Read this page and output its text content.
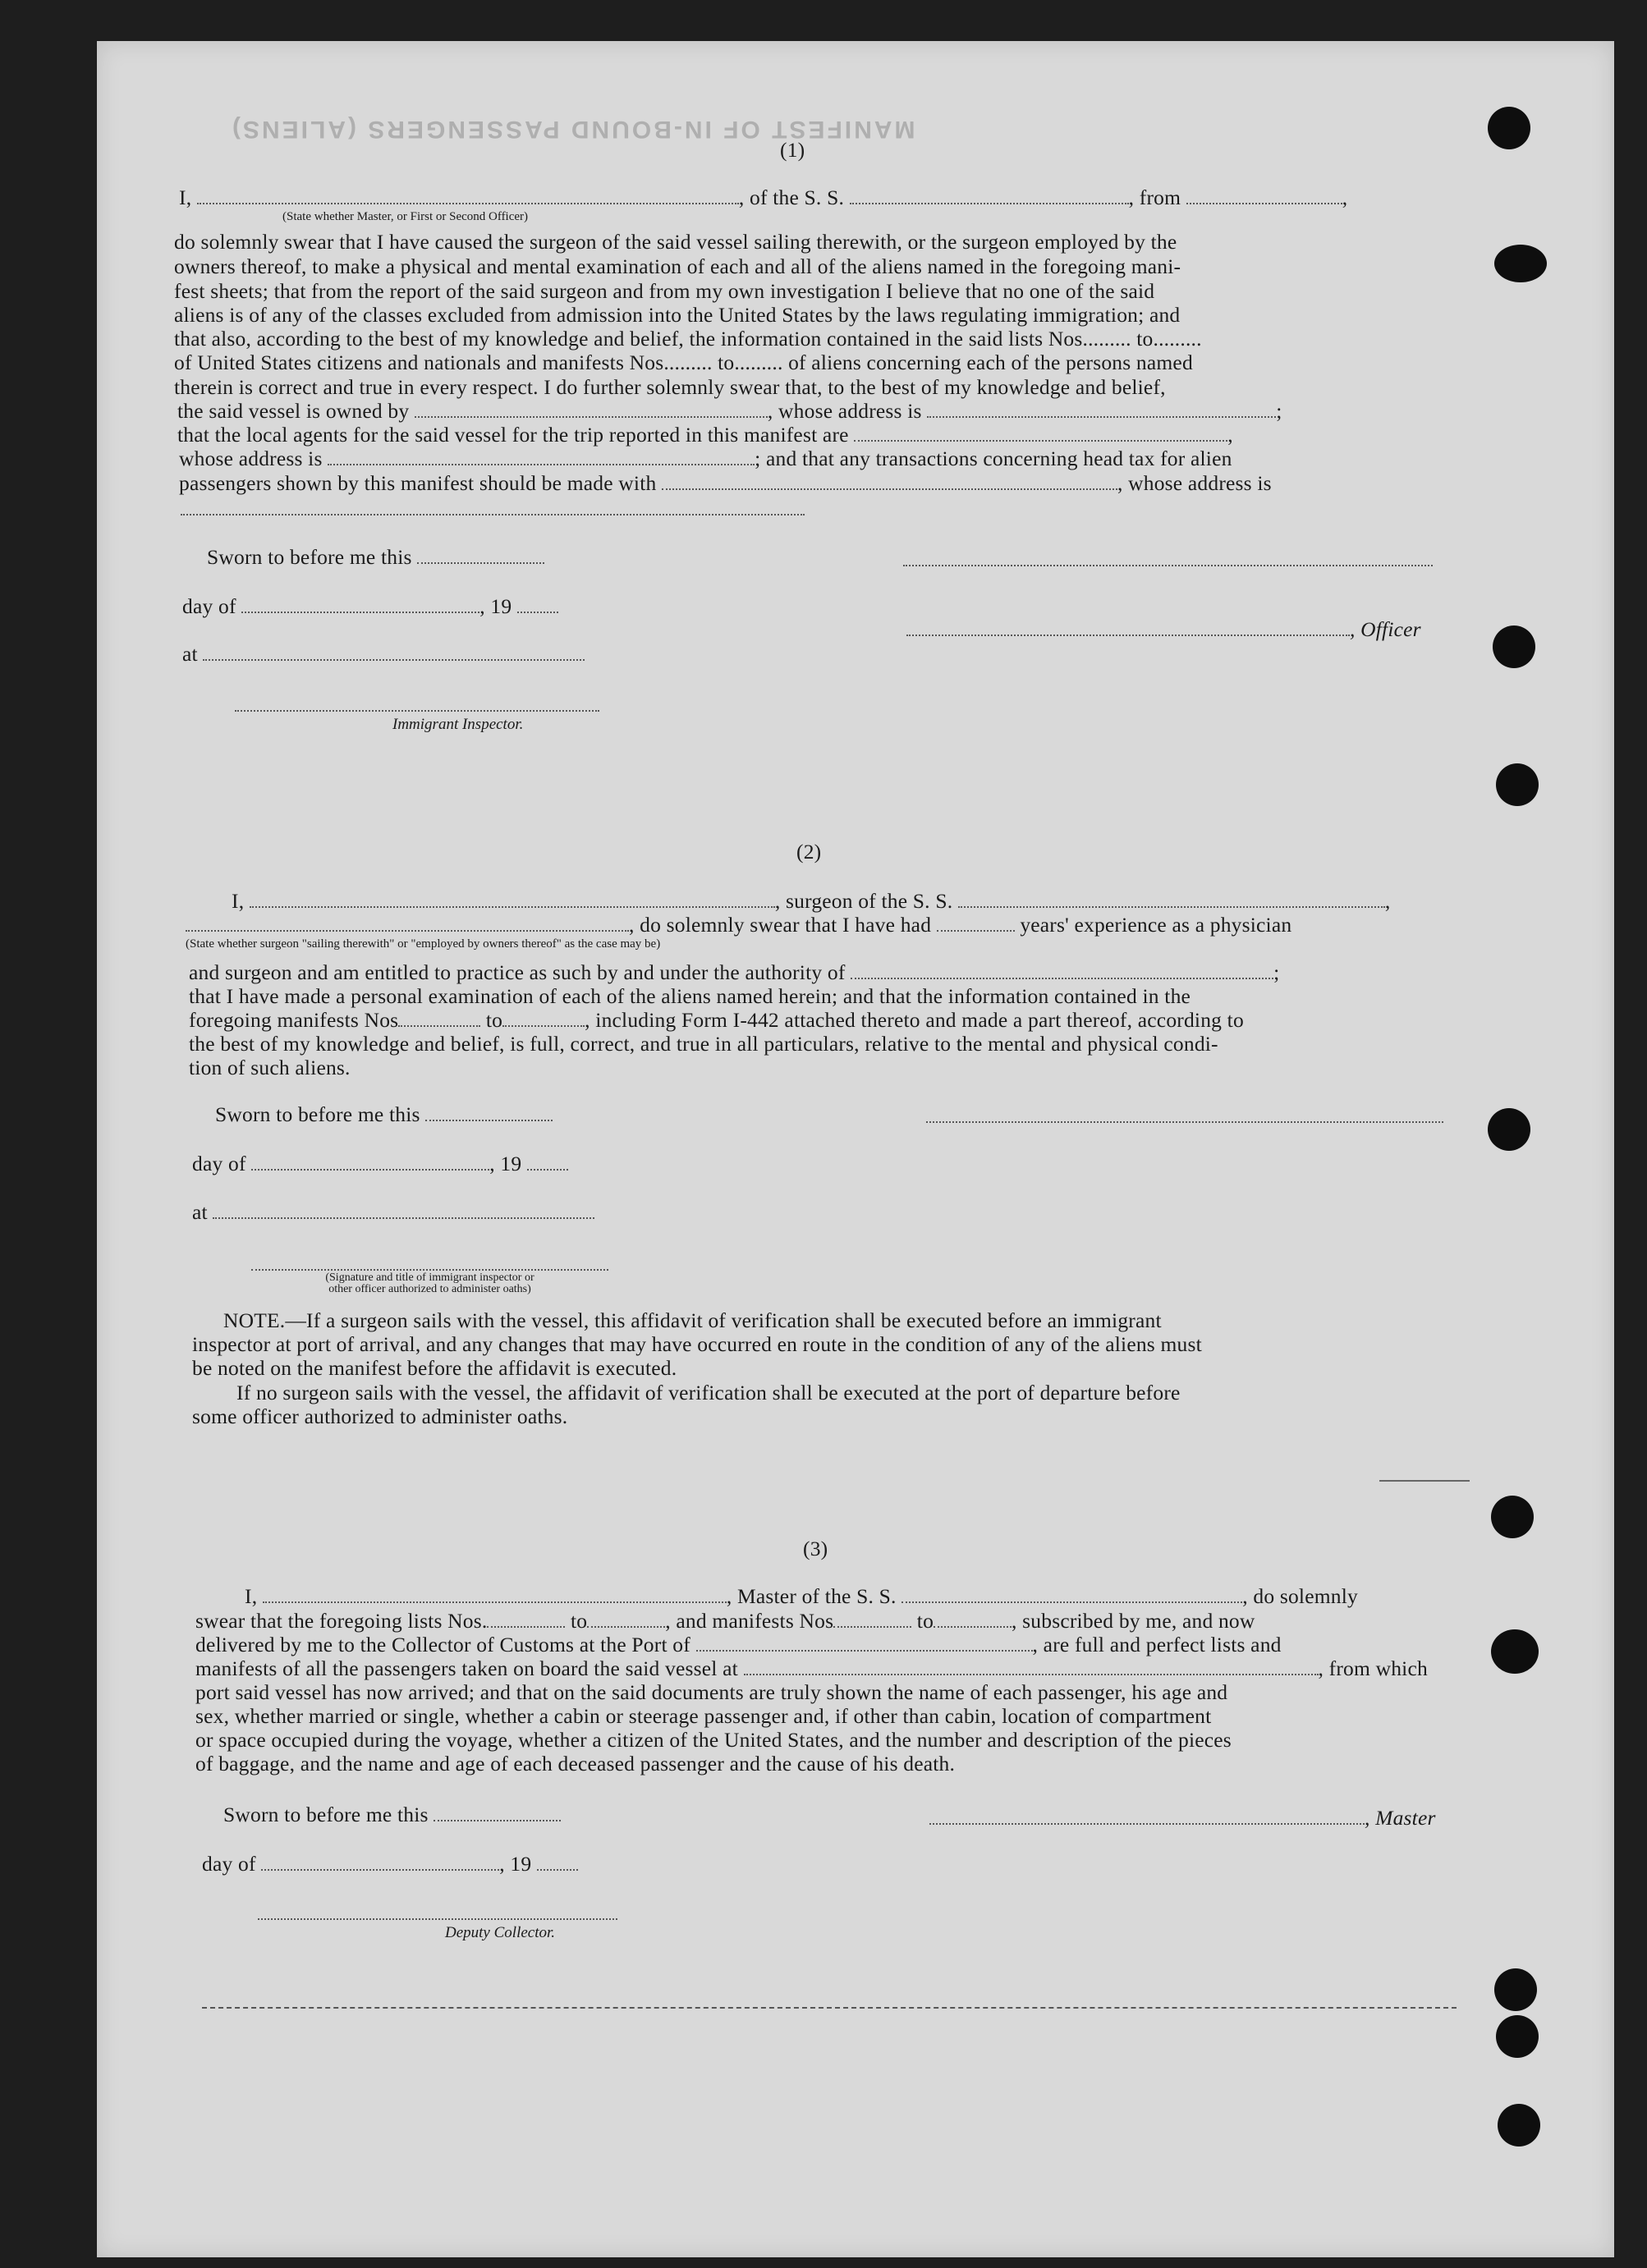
MANIFEST OF IN-BOUND PASSENGERS (ALIENS)
(1)
I,	, of the S. S.	, from	,
(State whether Master, or First or Second Officer)
do solemnly swear that I have caused the surgeon of the said vessel sailing therewith, or the surgeon employed by the
owners thereof, to make a physical and mental examination of each and all of the aliens named in the foregoing mani-
fest sheets; that from the report of the said surgeon and from my own investigation I believe that no one of the said
aliens is of any of the classes excluded from admission into the United States by the laws regulating immigration; and
that also, according to the best of my knowledge and belief, the information contained in the said lists Nos......... to.........
of United States citizens and nationals and manifests Nos......... to......... of aliens concerning each of the persons named
therein is correct and true in every respect. I do further solemnly swear that, to the best of my knowledge and belief,
the said vessel is owned by	, whose address is	;
that the local agents for the said vessel for the trip reported in this manifest are	,
whose address is	; and that any transactions concerning head tax for alien
passengers shown by this manifest should be made with	, whose address is
Sworn to before me this
day of	, 19
, Officer
at
Immigrant Inspector.
(2)
I,	, surgeon of the S. S.	,
, do solemnly swear that I have had	years' experience as a physician
(State whether surgeon "sailing therewith" or "employed by owners thereof" as the case may be)
and surgeon and am entitled to practice as such by and under the authority of	;
that I have made a personal examination of each of the aliens named herein; and that the information contained in the
foregoing manifests Nos	to	, including Form I-442 attached thereto and made a part thereof, according to
the best of my knowledge and belief, is full, correct, and true in all particulars, relative to the mental and physical condi-
tion of such aliens.
Sworn to before me this
day of	, 19
at
(Signature and title of immigrant inspector or
other officer authorized to administer oaths)
NOTE.—If a surgeon sails with the vessel, this affidavit of verification shall be executed before an immigrant
inspector at port of arrival, and any changes that may have occurred en route in the condition of any of the aliens must
be noted on the manifest before the affidavit is executed.
If no surgeon sails with the vessel, the affidavit of verification shall be executed at the port of departure before
some officer authorized to administer oaths.
(3)
I,	, Master of the S. S.	, do solemnly
swear that the foregoing lists Nos.	to	, and manifests Nos	to	, subscribed by me, and now
delivered by me to the Collector of Customs at the Port of	, are full and perfect lists and
manifests of all the passengers taken on board the said vessel at	, from which
port said vessel has now arrived; and that on the said documents are truly shown the name of each passenger, his age and
sex, whether married or single, whether a cabin or steerage passenger and, if other than cabin, location of compartment
or space occupied during the voyage, whether a citizen of the United States, and the number and description of the pieces
of baggage, and the name and age of each deceased passenger and the cause of his death.
Sworn to before me this	, Master
day of	, 19
Deputy Collector.
